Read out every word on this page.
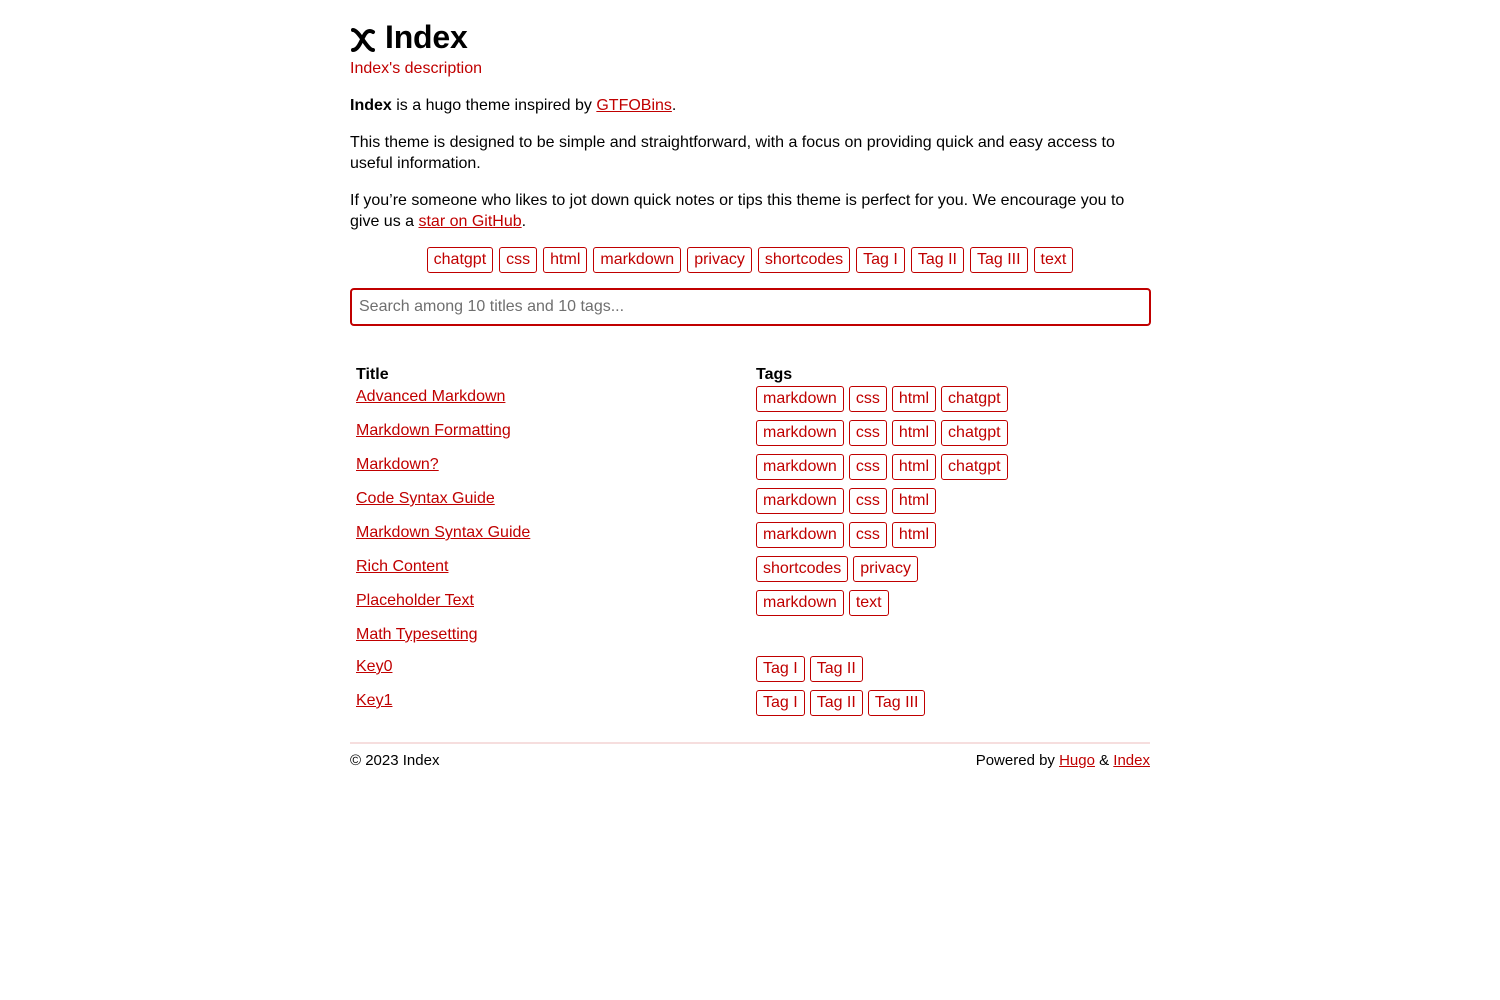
Index
Index's description

Index is a hugo theme inspired by GTFOBins.

This theme is designed to be simple and straightforward, with a focus on providing quick and easy access to useful information.

If you’re someone who likes to jot down quick notes or tips this theme is perfect for you. We encourage you to give us a star on GitHub.

chatgpt	css	html	markdown	privacy	shortcodes	Tag I	Tag II	Tag III	text
Search among 10 titles and 10 tags...
Title	Tags
Advanced Markdown	markdown css html chatgpt

Markdown Formatting	markdown css html chatgpt

Markdown?	markdown css html chatgpt

Code Syntax Guide	markdown css html

Markdown Syntax Guide	markdown css html

Rich Content	shortcodes privacy

Placeholder Text	markdown text

Math Typesetting	

Key0	Tag I Tag II

Key1	Tag I Tag II Tag III
© 2023 Index	Powered by Hugo & Index
